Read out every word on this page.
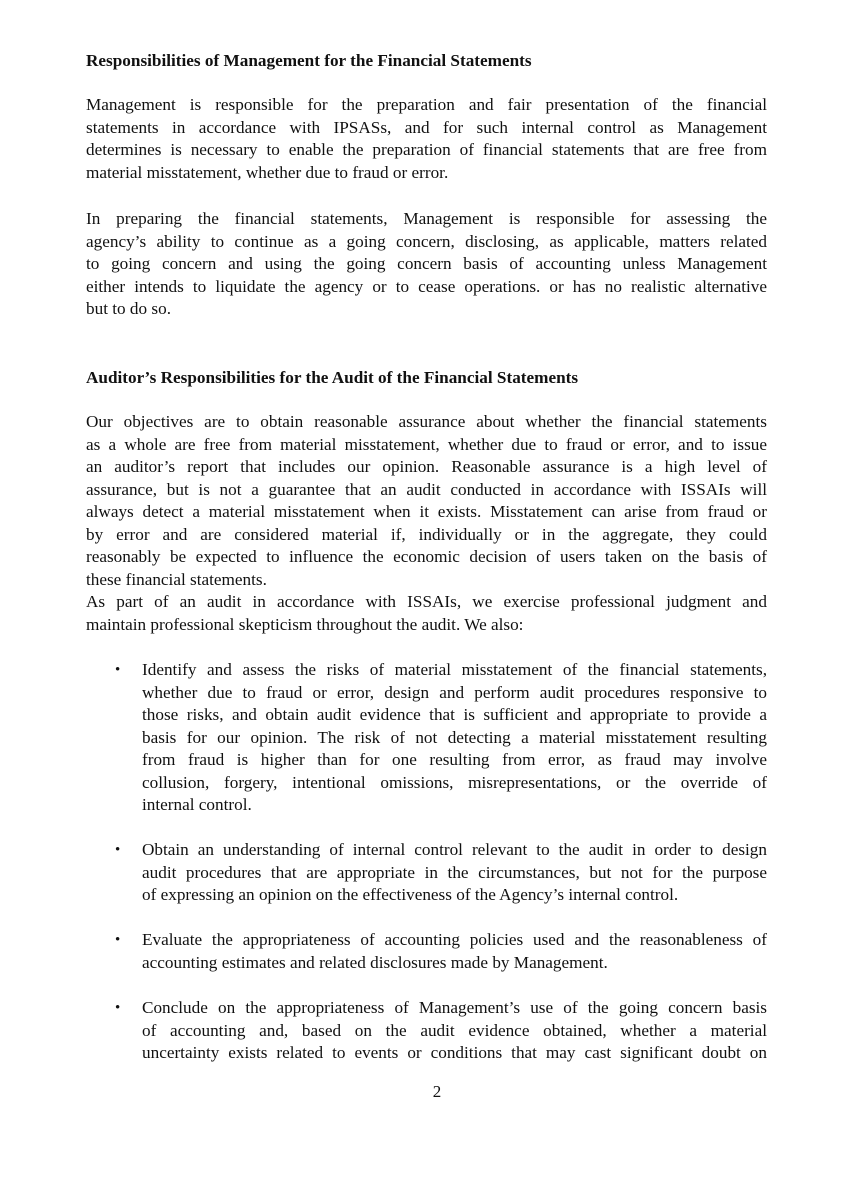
Responsibilities of Management for the Financial Statements
Auditor’s Responsibilities for the Audit of the Financial Statements
Management is responsible for the preparation and fair presentation of the financial
statements in accordance with IPSASs, and for such internal control as Management
determines is necessary to enable the preparation of financial statements that are free from
material misstatement, whether due to fraud or error.
In preparing the financial statements, Management is responsible for assessing the
agency’s ability to continue as a going concern, disclosing, as applicable, matters related
to going concern and using the going concern basis of accounting unless Management
either intends to liquidate the agency or to cease operations. or has no realistic alternative
but to do so.
Our objectives are to obtain reasonable assurance about whether the financial statements
as a whole are free from material misstatement, whether due to fraud or error, and to issue
an auditor’s report that includes our opinion. Reasonable assurance is a high level of
assurance, but is not a guarantee that an audit conducted in accordance with ISSAIs will
always detect a material misstatement when it exists. Misstatement can arise from fraud or
by error and are considered material if, individually or in the aggregate, they could
reasonably be expected to influence the economic decision of users taken on the basis of
these financial statements.
As part of an audit in accordance with ISSAIs, we exercise professional judgment and
maintain professional skepticism throughout the audit. We also:
• Identify and assess the risks of material misstatement of the financial statements,
whether due to fraud or error, design and perform audit procedures responsive to
those risks, and obtain audit evidence that is sufficient and appropriate to provide a
basis for our opinion. The risk of not detecting a material misstatement resulting
from fraud is higher than for one resulting from error, as fraud may involve
collusion, forgery, intentional omissions, misrepresentations, or the override of
internal control.
• Obtain an understanding of internal control relevant to the audit in order to design
audit procedures that are appropriate in the circumstances, but not for the purpose
of expressing an opinion on the effectiveness of the Agency’s internal control.
• Evaluate the appropriateness of accounting policies used and the reasonableness of
accounting estimates and related disclosures made by Management.
• Conclude on the appropriateness of Management’s use of the going concern basis
of accounting and, based on the audit evidence obtained, whether a material
uncertainty exists related to events or conditions that may cast significant doubt on
2
